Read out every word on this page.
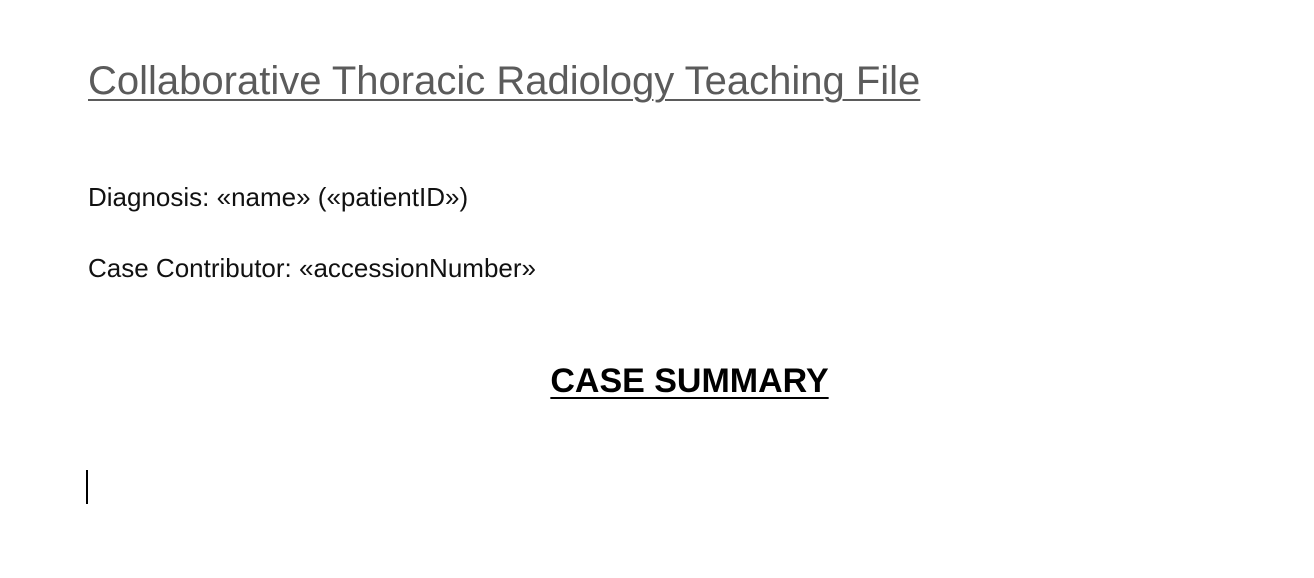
Collaborative Thoracic Radiology Teaching File
Diagnosis: «name» («patientID»)
Case Contributor: «accessionNumber»
CASE SUMMARY
